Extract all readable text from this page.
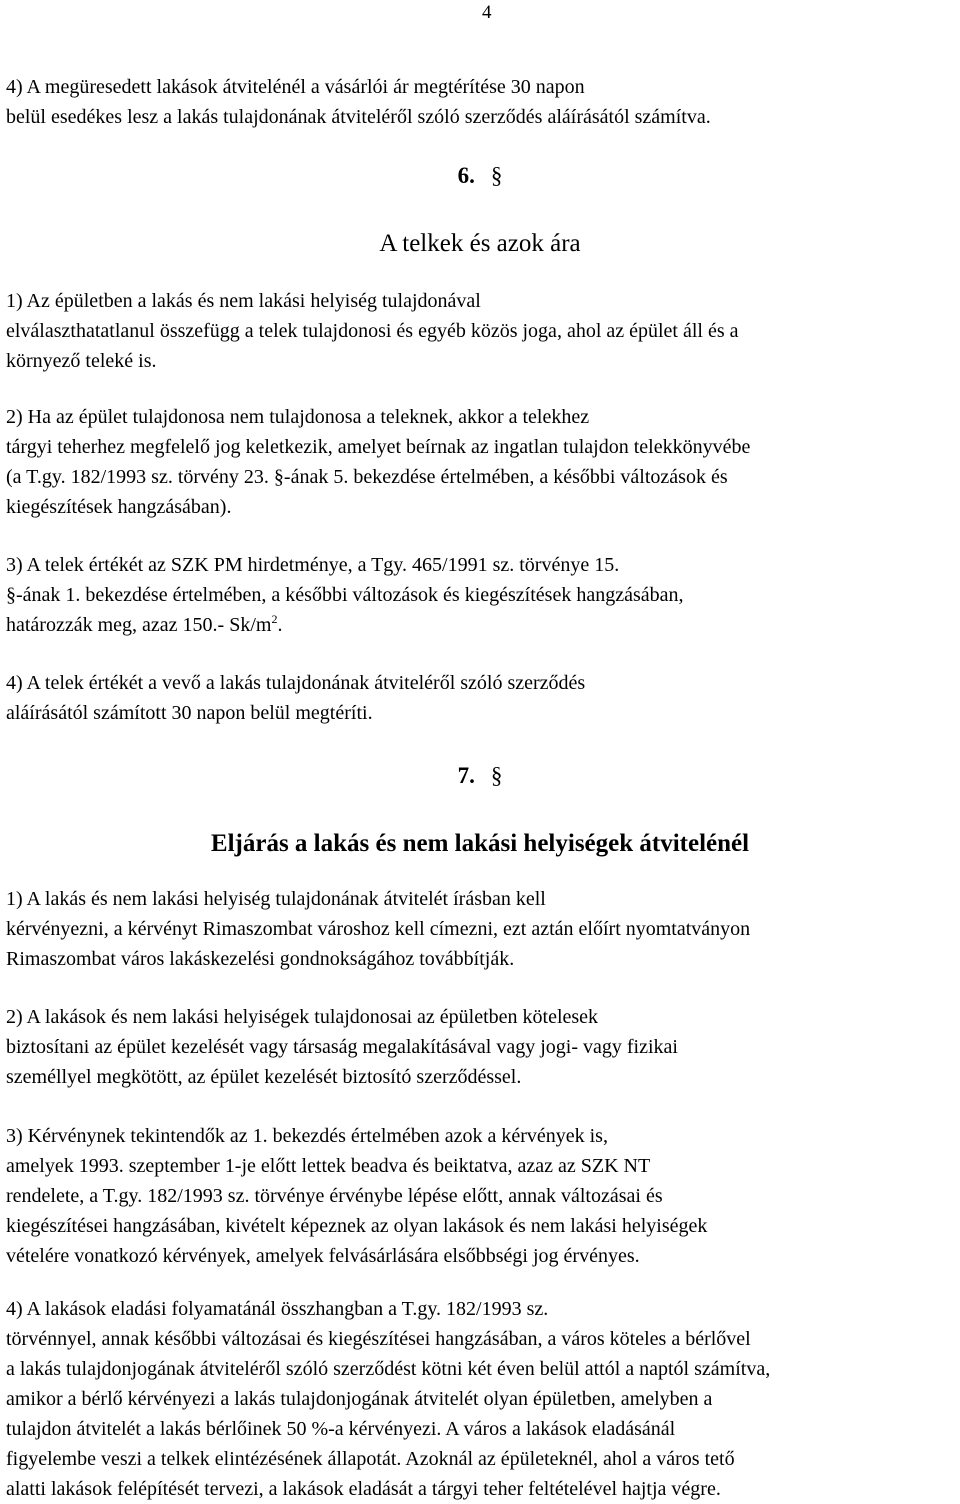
4

4) A megüresedett lakások átvitelénél a vásárlói ár megtérítése 30 napon
belül esedékes lesz a lakás tulajdonának átviteléről szóló szerződés aláírásától számítva.

6. §
A telkek és azok ára

1) Az épületben a lakás és nem lakási helyiség tulajdonával
elválaszthatatlanul összefügg a telek tulajdonosi és egyéb közös joga, ahol az épület áll és a
környező teleké is.

2) Ha az épület tulajdonosa nem tulajdonosa a teleknek, akkor a telekhez
tárgyi teherhez megfelelő jog keletkezik, amelyet beírnak az ingatlan tulajdon telekkönyvébe
(a T.gy. 182/1993 sz. törvény 23. §-ának 5. bekezdése értelmében, a későbbi változások és
kiegészítések hangzásában).

3) A telek értékét az SZK PM hirdetménye, a Tgy. 465/1991 sz. törvénye 15.
§-ának 1. bekezdése értelmében, a későbbi változások és kiegészítések hangzásában,
határozzák meg, azaz 150.- $Sk/m^2$.

4) A telek értékét a vevő a lakás tulajdonának átviteléről szóló szerződés
aláírásától számított 30 napon belül megtéríti.

7. §
Eljárás a lakás és nem lakási helyiségek átvitelénél

1) A lakás és nem lakási helyiség tulajdonának átvitelét írásban kell
kérvényezni, a kérvényt Rimaszombat városhoz kell címezni, ezt aztán előírt nyomtatványon
Rimaszombat város lakáskezelési gondnokságához továbbítják.

2) A lakások és nem lakási helyiségek tulajdonosai az épületben kötelesek
biztosítani az épület kezelését vagy társaság megalakításával vagy jogi- vagy fizikai
személlyel megkötött, az épület kezelését biztosító szerződéssel.

3) Kérvénynek tekintendők az 1. bekezdés értelmében azok a kérvények is,
amelyek 1993. szeptember 1-je előtt lettek beadva és beiktatva, azaz az SZK NT
rendelete, a T.gy. 182/1993 sz. törvénye érvénybe lépése előtt, annak változásai és
kiegészítései hangzásában, kivételt képeznek az olyan lakások és nem lakási helyiségek
vételére vonatkozó kérvények, amelyek felvásárlására elsőbbségi jog érvényes.

4) A lakások eladási folyamatánál összhangban a T.gy. 182/1993 sz.
törvénnyel, annak későbbi változásai és kiegészítései hangzásában, a város köteles a bérlővel
a lakás tulajdonjogának átviteléről szóló szerződést kötni két éven belül attól a naptól számítva,
amikor a bérlő kérvényezi a lakás tulajdonjogának átvitelét olyan épületben, amelyben a
tulajdon átvitelét a lakás bérlőinek 50 %-a kérvényezi. A város a lakások eladásánál
figyelembe veszi a telkek elintézésének állapotát. Azoknál az épületeknél, ahol a város tető
alatti lakások felépítését tervezi, a lakások eladását a tárgyi teher feltételével hajtja végre.
